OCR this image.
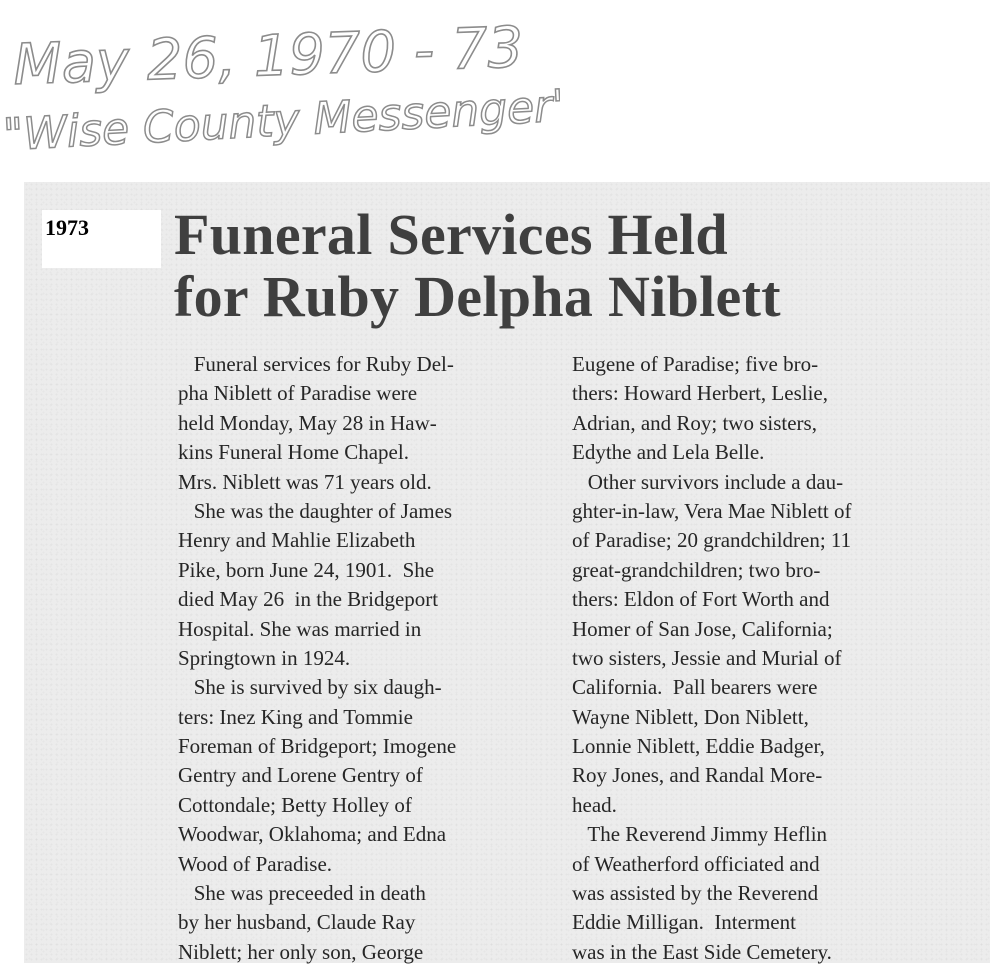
May 26, 1970 - 73
"Wise County Messenger"
1973	Funeral Services Held
for Ruby Delpha Niblett
Funeral services for Ruby Del-
pha Niblett of Paradise were
held Monday, May 28 in Haw-
kins Funeral Home Chapel.
Mrs. Niblett was 71 years old.
She was the daughter of James
Henry and Mahlie Elizabeth
Pike, born June 24, 1901.  She
died May 26  in the Bridgeport
Hospital. She was married in
Springtown in 1924.
She is survived by six daugh-
ters: Inez King and Tommie
Foreman of Bridgeport; Imogene
Gentry and Lorene Gentry of
Cottondale; Betty Holley of
Woodwar, Oklahoma; and Edna
Wood of Paradise.
She was preceeded in death
by her husband, Claude Ray
Niblett; her only son, George
Eugene of Paradise; five bro-
thers: Howard Herbert, Leslie,
Adrian, and Roy; two sisters,
Edythe and Lela Belle.
Other survivors include a dau-
ghter-in-law, Vera Mae Niblett of
of Paradise; 20 grandchildren; 11
great-grandchildren; two bro-
thers: Eldon of Fort Worth and
Homer of San Jose, California;
two sisters, Jessie and Murial of
California.  Pall bearers were
Wayne Niblett, Don Niblett,
Lonnie Niblett, Eddie Badger,
Roy Jones, and Randal More-
head.
The Reverend Jimmy Heflin
of Weatherford officiated and
was assisted by the Reverend
Eddie Milligan.  Interment
was in the East Side Cemetery.
